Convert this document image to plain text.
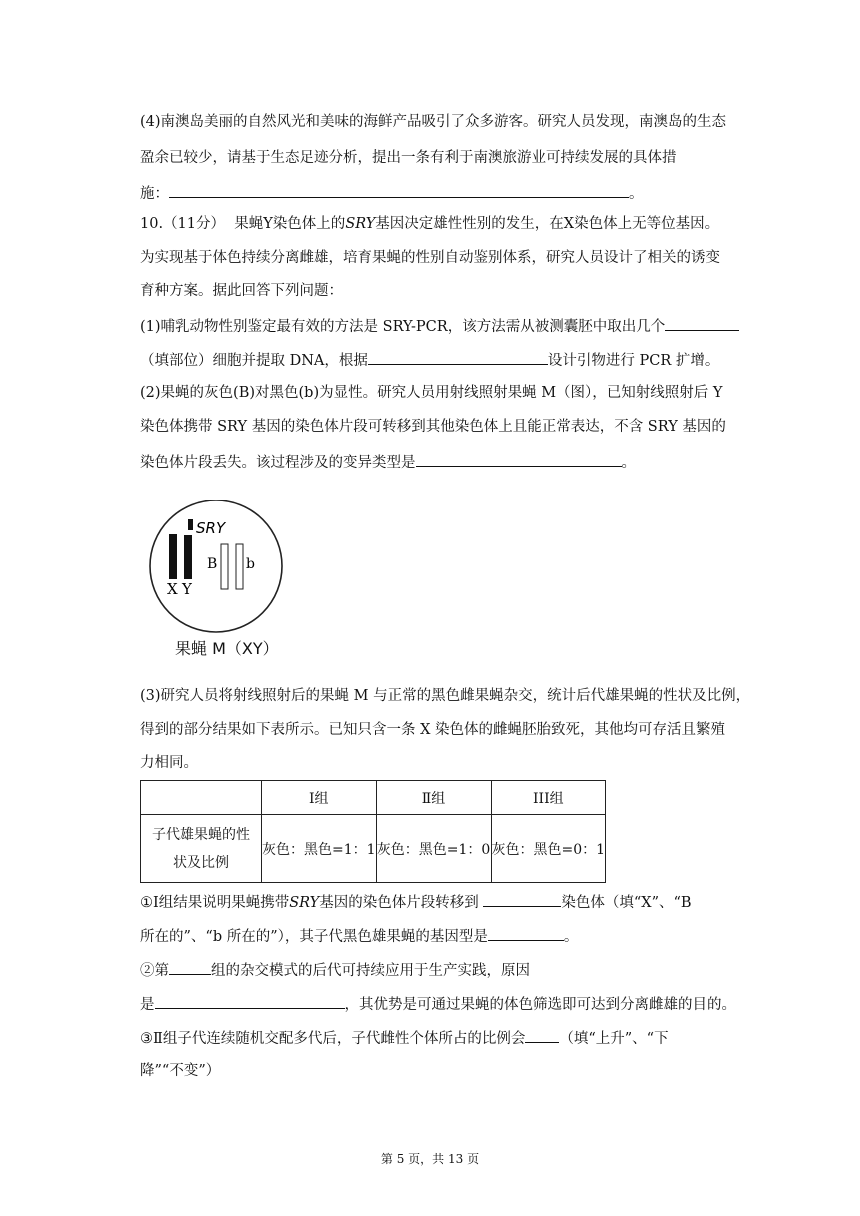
(4)南澳岛美丽的自然风光和美味的海鲜产品吸引了众多游客。研究人员发现，南澳岛的生态
盈余已较少，请基于生态足迹分析，提出一条有利于南澳旅游业可持续发展的具体措
施：	。
10.（11分） 果蝇Y染色体上的SRY基因决定雄性性别的发生，在X染色体上无等位基因。
为实现基于体色持续分离雌雄，培育果蝇的性别自动鉴别体系，研究人员设计了相关的诱变
育种方案。据此回答下列问题：
(1)哺乳动物性别鉴定最有效的方法是 SRY-PCR，该方法需从被测囊胚中取出几个
（填部位）细胞并提取 DNA，根据	设计引物进行 PCR 扩增。
(2)果蝇的灰色(B)对黑色(b)为显性。研究人员用射线照射果蝇 M（图），已知射线照射后 Y
染色体携带 SRY 基因的染色体片段可转移到其他染色体上且能正常表达，不含 SRY 基因的
染色体片段丢失。该过程涉及的变异类型是	。
SRY
X Y
B b
果蝇 M（XY）
(3)研究人员将射线照射后的果蝇 M 与正常的黑色雌果蝇杂交，统计后代雄果蝇的性状及比例，
得到的部分结果如下表所示。已知只含一条 X 染色体的雌蝇胚胎致死，其他均可存活且繁殖
力相同。
	I组	Ⅱ组	III组
子代雄果蝇的性
状及比例	灰色：黑色=1：1	灰色：黑色=1：0	灰色：黑色=0：1
①I组结果说明果蝇携带SRY基因的染色体片段转移到	染色体（填“X”、“B
所在的”、“b 所在的”），其子代黑色雄果蝇的基因型是	。
②第	组的杂交模式的后代可持续应用于生产实践，原因
是	，其优势是可通过果蝇的体色筛选即可达到分离雌雄的目的。
③Ⅱ组子代连续随机交配多代后，子代雌性个体所占的比例会 （填“上升”、“下
降”“不变”）
第 5 页，共 13 页
